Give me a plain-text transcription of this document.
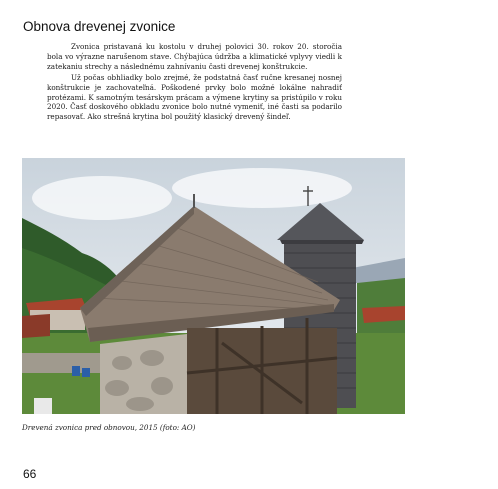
Obnova drevenej zvonice

Zvonica pristavaná ku kostolu v druhej polovici 30. rokov 20. storočia bola vo výrazne narušenom stave. Chýbajúca údržba a klimatické vplyvy viedli k zatekaniu strechy a následnému zahnívaniu časti drevenej konštrukcie.

Už počas obhliadky bolo zrejmé, že podstatná časť ručne kresanej nosnej konštrukcie je zachovateľná. Poškodené prvky bolo možné lokálne nahradiť protézami. K samotným tesárskym prácam a výmene krytiny sa pristúpilo v roku 2020. Časť doskového obkladu zvonice bolo nutné vymeniť, iné časti sa podarilo repasovať. Ako strešná krytina bol použitý klasický drevený šindeľ.

Drevená zvonica pred obnovou, 2015 (foto: AO)
66
